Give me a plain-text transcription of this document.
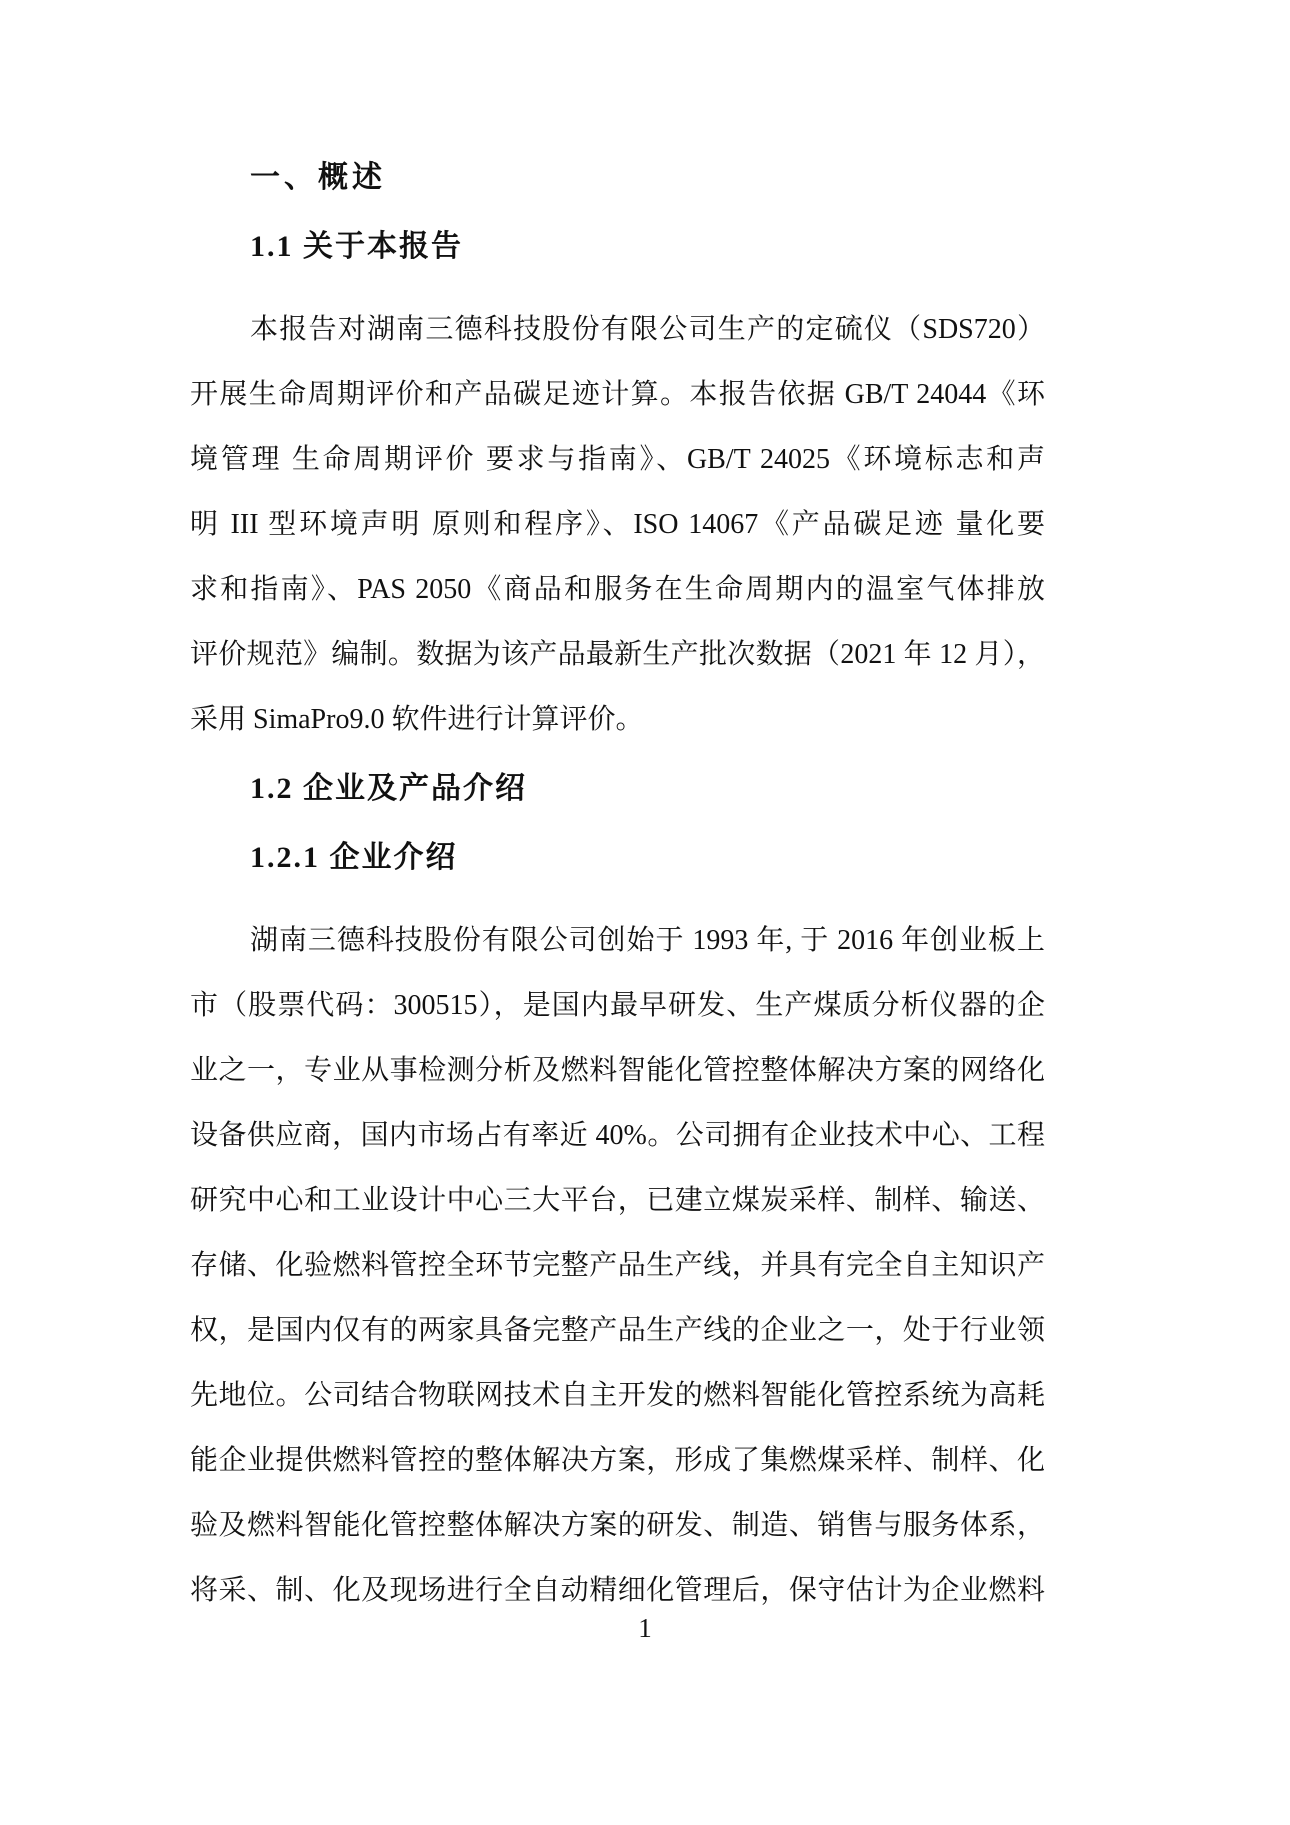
一、概述
1.1 关于本报告
本报告对湖南三德科技股份有限公司生产的定硫仪（SDS720）
开展生命周期评价和产品碳足迹计算。本报告依据 GB/T 24044《环
境管理 生命周期评价 要求与指南》、GB/T 24025《环境标志和声
明 III 型环境声明 原则和程序》、ISO 14067《产品碳足迹 量化要
求和指南》、PAS 2050《商品和服务在生命周期内的温室气体排放
评价规范》编制。数据为该产品最新生产批次数据（2021 年 12 月），
采用 SimaPro9.0 软件进行计算评价。
1.2 企业及产品介绍
1.2.1 企业介绍
湖南三德科技股份有限公司创始于 1993 年, 于 2016 年创业板上
市（股票代码：300515），是国内最早研发、生产煤质分析仪器的企
业之一，专业从事检测分析及燃料智能化管控整体解决方案的网络化
设备供应商，国内市场占有率近 40%。公司拥有企业技术中心、工程
研究中心和工业设计中心三大平台，已建立煤炭采样、制样、输送、
存储、化验燃料管控全环节完整产品生产线，并具有完全自主知识产
权，是国内仅有的两家具备完整产品生产线的企业之一，处于行业领
先地位。公司结合物联网技术自主开发的燃料智能化管控系统为高耗
能企业提供燃料管控的整体解决方案，形成了集燃煤采样、制样、化
验及燃料智能化管控整体解决方案的研发、制造、销售与服务体系，
将采、制、化及现场进行全自动精细化管理后，保守估计为企业燃料
1
